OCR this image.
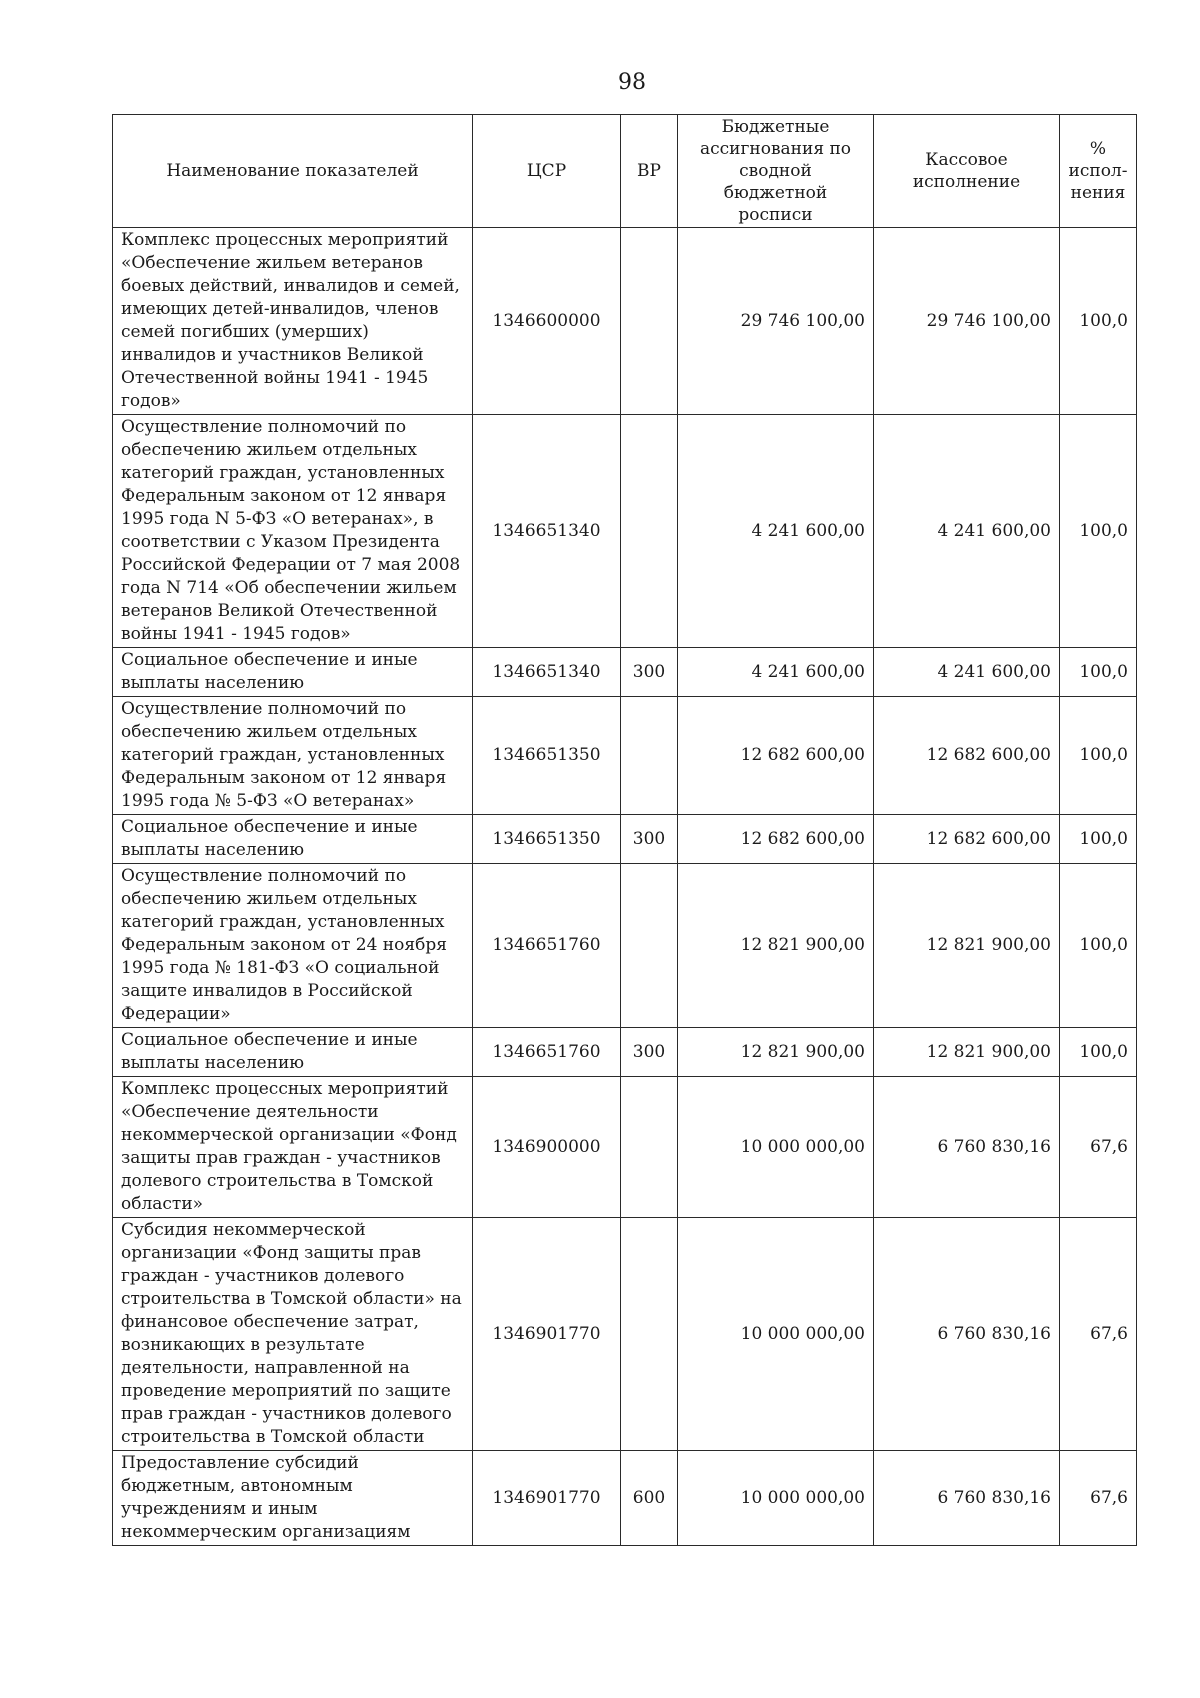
98
Наименование показателей	ЦСР	ВР	Бюджетные ассигнования по сводной бюджетной росписи	Кассовое исполнение	% испол-нения
Комплекс процессных мероприятий «Обеспечение жильем ветеранов боевых действий, инвалидов и семей, имеющих детей-инвалидов, членов семей погибших (умерших) инвалидов и участников Великой Отечественной войны 1941 - 1945 годов»	1346600000		29 746 100,00	29 746 100,00	100,0
Осуществление полномочий по обеспечению жильем отдельных категорий граждан, установленных Федеральным законом от 12 января 1995 года N 5-ФЗ «О ветеранах», в соответствии с Указом Президента Российской Федерации от 7 мая 2008 года N 714 «Об обеспечении жильем ветеранов Великой Отечественной войны 1941 - 1945 годов»	1346651340		4 241 600,00	4 241 600,00	100,0
Социальное обеспечение и иные выплаты населению	1346651340	300	4 241 600,00	4 241 600,00	100,0
Осуществление полномочий по обеспечению жильем отдельных категорий граждан, установленных Федеральным законом от 12 января 1995 года № 5-ФЗ «О ветеранах»	1346651350		12 682 600,00	12 682 600,00	100,0
Социальное обеспечение и иные выплаты населению	1346651350	300	12 682 600,00	12 682 600,00	100,0
Осуществление полномочий по обеспечению жильем отдельных категорий граждан, установленных Федеральным законом от 24 ноября 1995 года № 181-ФЗ «О социальной защите инвалидов в Российской Федерации»	1346651760		12 821 900,00	12 821 900,00	100,0
Социальное обеспечение и иные выплаты населению	1346651760	300	12 821 900,00	12 821 900,00	100,0
Комплекс процессных мероприятий «Обеспечение деятельности некоммерческой организации «Фонд защиты прав граждан - участников долевого строительства в Томской области»	1346900000		10 000 000,00	6 760 830,16	67,6
Субсидия некоммерческой организации «Фонд защиты прав граждан - участников долевого строительства в Томской области» на финансовое обеспечение затрат, возникающих в результате деятельности, направленной на проведение мероприятий по защите прав граждан - участников долевого строительства в Томской области	1346901770		10 000 000,00	6 760 830,16	67,6
Предоставление субсидий бюджетным, автономным учреждениям и иным некоммерческим организациям	1346901770	600	10 000 000,00	6 760 830,16	67,6
